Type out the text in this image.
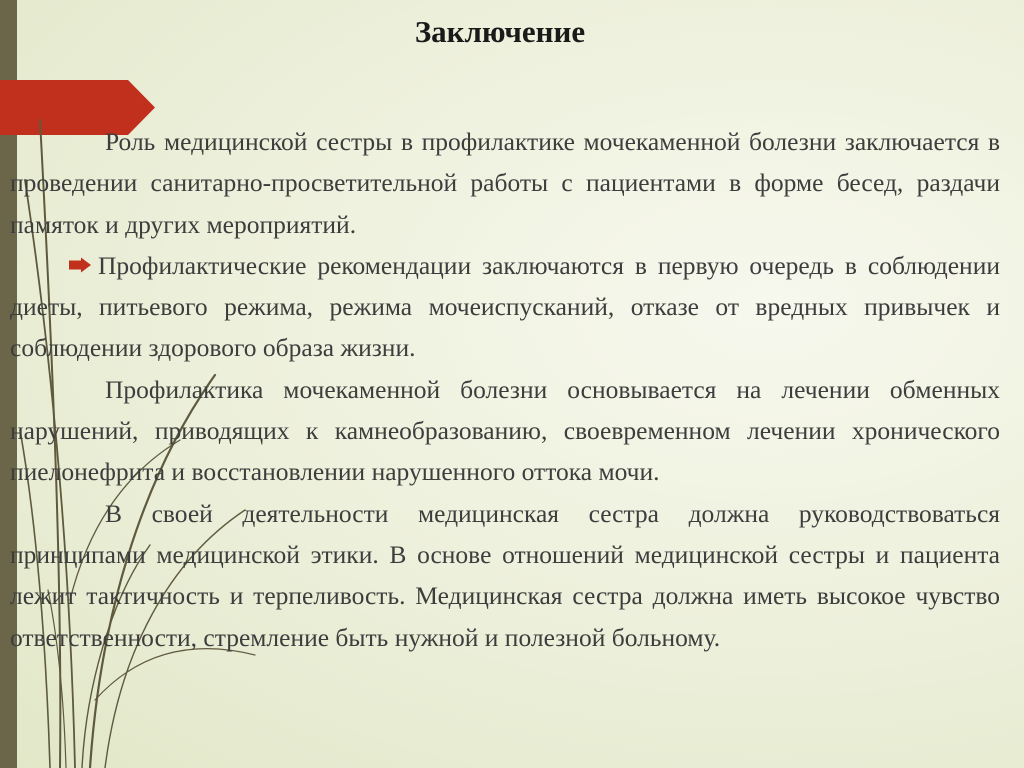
Заключение

Роль медицинской сестры в профилактике мочекаменной болезни заключается в проведении санитарно-просветительной работы с пациентами в форме бесед, раздачи памяток и других мероприятий.

Профилактические рекомендации заключаются в первую очередь в соблюдении диеты, питьевого режима, режима мочеиспусканий, отказе от вредных привычек и соблюдении здорового образа жизни.

Профилактика мочекаменной болезни основывается на лечении обменных нарушений, приводящих к камнеобразованию, своевременном лечении хронического пиелонефрита и восстановлении нарушенного оттока мочи.

В своей деятельности медицинская сестра должна руководствоваться принципами медицинской этики. В основе отношений медицинской сестры и пациента лежит тактичность и терпеливость. Медицинская сестра должна иметь высокое чувство ответственности, стремление быть нужной и полезной больному.
